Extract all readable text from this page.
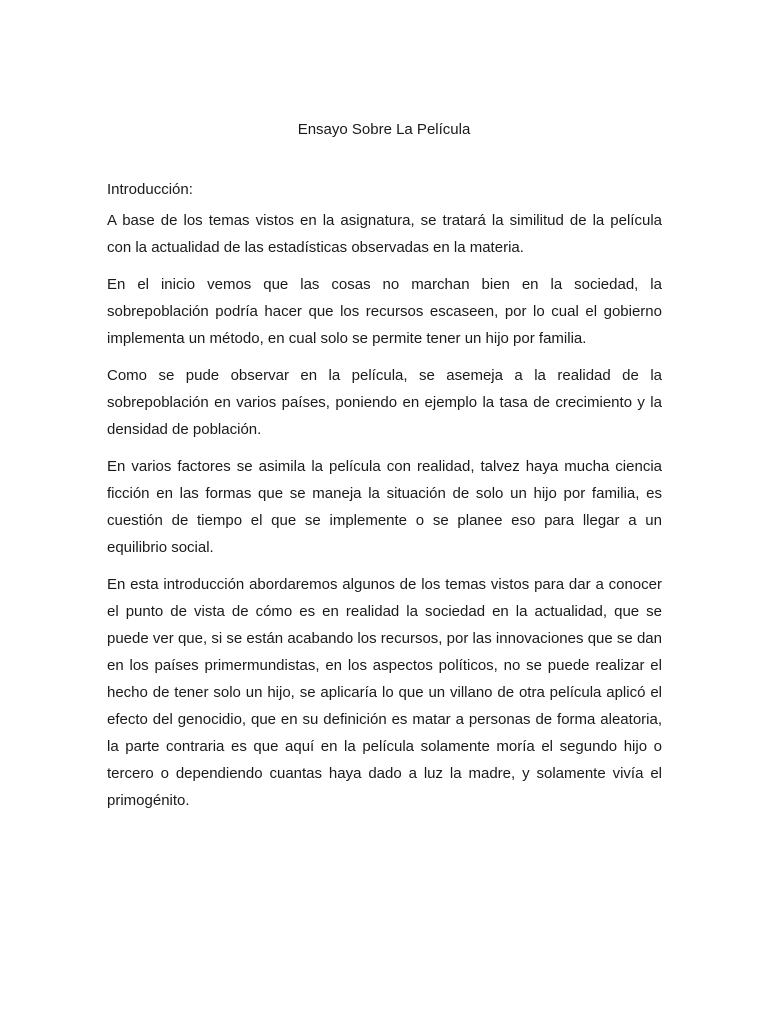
Ensayo Sobre La Película
Introducción:

A base de los temas vistos en la asignatura, se tratará la similitud de la película con la actualidad de las estadísticas observadas en la materia.

En el inicio vemos que las cosas no marchan bien en la sociedad, la sobrepoblación podría hacer que los recursos escaseen, por lo cual el gobierno implementa un método, en cual solo se permite tener un hijo por familia.

Como se pude observar en la película, se asemeja a la realidad de la sobrepoblación en varios países, poniendo en ejemplo la tasa de crecimiento y la densidad de población.

En varios factores se asimila la película con realidad, talvez haya mucha ciencia ficción en las formas que se maneja la situación de solo un hijo por familia, es cuestión de tiempo el que se implemente o se planee eso para llegar a un equilibrio social.

En esta introducción abordaremos algunos de los temas vistos para dar a conocer el punto de vista de cómo es en realidad la sociedad en la actualidad, que se puede ver que, si se están acabando los recursos, por las innovaciones que se dan en los países primermundistas, en los aspectos políticos, no se puede realizar el hecho de tener solo un hijo, se aplicaría lo que un villano de otra película aplicó el efecto del genocidio, que en su definición es matar a personas de forma aleatoria, la parte contraria es que aquí en la película solamente moría el segundo hijo o tercero o dependiendo cuantas haya dado a luz la madre, y solamente vivía el primogénito.
